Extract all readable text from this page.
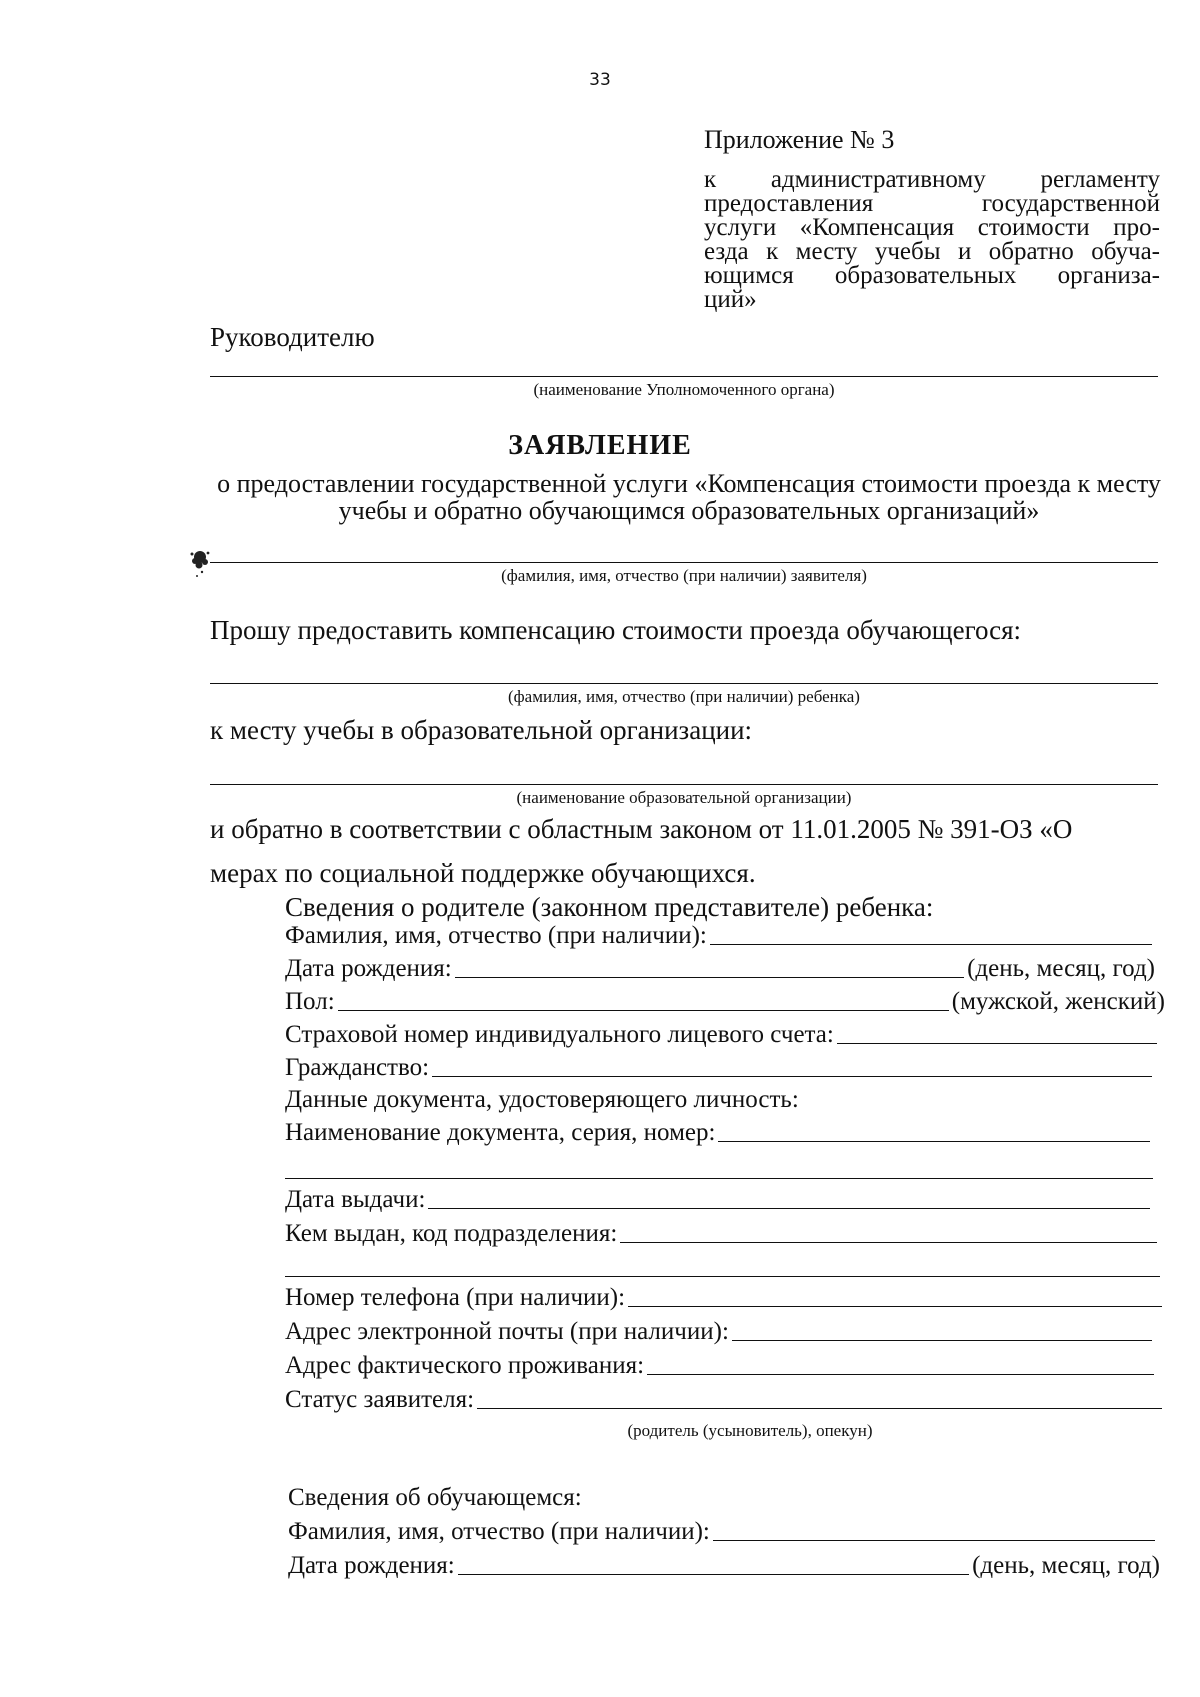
33
Приложение № 3
к административному регламенту
предоставления государственной
услуги «Компенсация стоимости про-
езда к месту учебы и обратно обуча-
ющимся образовательных организа-
ций»
Руководителю
(наименование Уполномоченного органа)
ЗАЯВЛЕНИЕ
о предоставлении государственной услуги «Компенсация стоимости проезда к месту учебы и обратно обучающимся образовательных организаций»
(фамилия, имя, отчество (при наличии) заявителя)
Прошу предоставить компенсацию стоимости проезда обучающегося:
(фамилия, имя, отчество (при наличии) ребенка)
к месту учебы в образовательной организации:
(наименование образовательной организации)
и обратно в соответствии с областным законом от 11.01.2005 № 391-ОЗ «О
мерах по социальной поддержке обучающихся.
Сведения о родителе (законном представителе) ребенка:
Фамилия, имя, отчество (при наличии):
Дата рождения:	(день, месяц, год)
Пол:	(мужской, женский)
Страховой номер индивидуального лицевого счета:
Гражданство:
Данные документа, удостоверяющего личность:
Наименование документа, серия, номер:
Дата выдачи:
Кем выдан, код подразделения:
Номер телефона (при наличии):
Адрес электронной почты (при наличии):
Адрес фактического проживания:
Статус заявителя:
(родитель (усыновитель), опекун)
Сведения об обучающемся:
Фамилия, имя, отчество (при наличии):
Дата рождения:	(день, месяц, год)
